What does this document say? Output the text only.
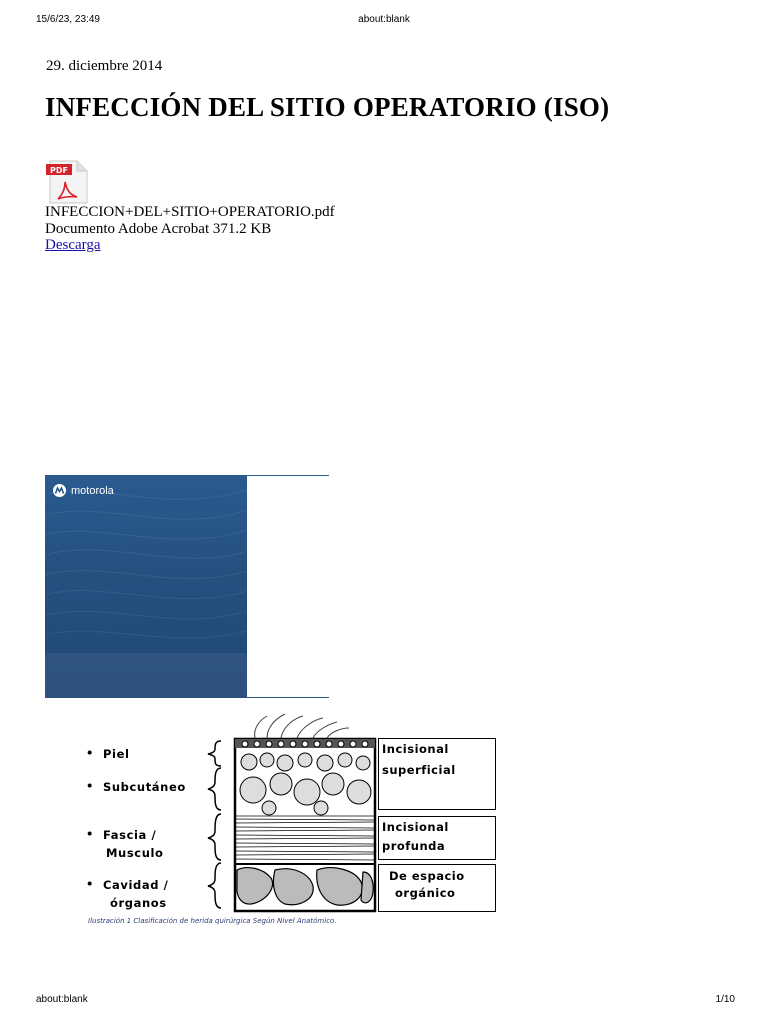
15/6/23, 23:49	about:blank
29. diciembre 2014
INFECCIÓN DEL SITIO OPERATORIO (ISO)
PDF
INFECCION+DEL+SITIO+OPERATORIO.pdf
Documento Adobe Acrobat 371.2 KB
Descarga
motorola
• Piel
• Subcutáneo
• Fascia /
Musculo
• Cavidad /
órganos
Incisional
superficial
Incisional
profunda
De espacio
orgánico
Ilustración 1 Clasificación de herida quirúrgica Según Nivel Anatómico.
about:blank	1/10
